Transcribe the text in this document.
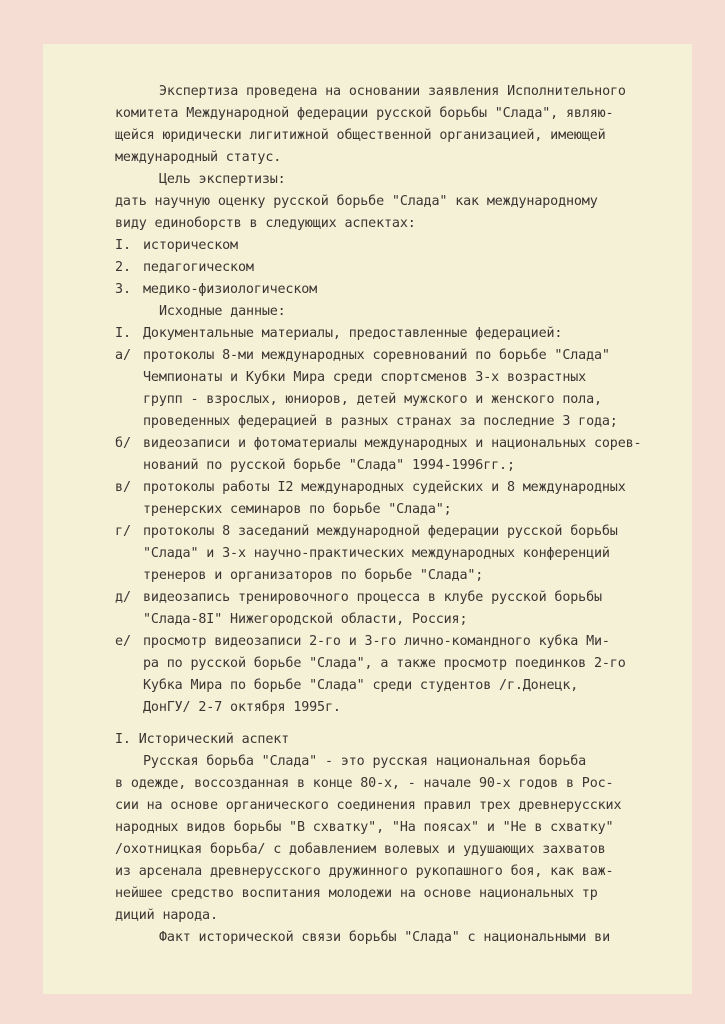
Экспертиза проведена на основании заявления Исполнительного
комитета Международной федерации русской борьбы "Слада", являю-
щейся юридически лигитижной общественной организацией, имеющей
международный статус.
Цель экспертизы:
дать научную оценку русской борьбе "Слада" как международному
виду единоборств в следующих аспектах:
I. историческом
2. педагогическом
3. медико-физиологическом
Исходные данные:
I. Документальные материалы, предоставленные федерацией:
а/ протоколы 8-ми международных соревнований по борьбе "Слада"
Чемпионаты и Кубки Мира среди спортсменов 3-х возрастных
групп - взрослых, юниоров, детей мужского и женского пола,
проведенных федерацией в разных странах за последние 3 года;
б/ видеозаписи и фотоматериалы международных и национальных сорев-
нований по русской борьбе "Слада" 1994-1996гг.;
в/ протоколы работы I2 международных судейских и 8 международных
тренерских семинаров по борьбе "Слада";
г/ протоколы 8 заседаний международной федерации русской борьбы
"Слада" и 3-х научно-практических международных конференций
тренеров и организаторов по борьбе "Слада";
д/ видеозапись тренировочного процесса в клубе русской борьбы
"Слада-8I" Нижегородской области, Россия;
е/ просмотр видеозаписи 2-го и 3-го лично-командного кубка Ми-
ра по русской борьбе "Слада", а также просмотр поединков 2-го
Кубка Мира по борьбе "Слада" среди студентов /г.Донецк,
ДонГУ/ 2-7 октября 1995г.
I. Исторический аспект
Русская борьба "Слада" - это русская национальная борьба
в одежде, воссозданная в конце 80-х, - начале 90-х годов в Рос-
сии на основе органического соединения правил трех древнерусских
народных видов борьбы "В схватку", "На поясах" и "Не в схватку"
/охотницкая борьба/ с добавлением волевых и удушающих захватов
из арсенала древнерусского дружинного рукопашного боя, как важ-
нейшее средство воспитания молодежи на основе национальных тр
диций народа.
Факт исторической связи борьбы "Слада" с национальными ви
